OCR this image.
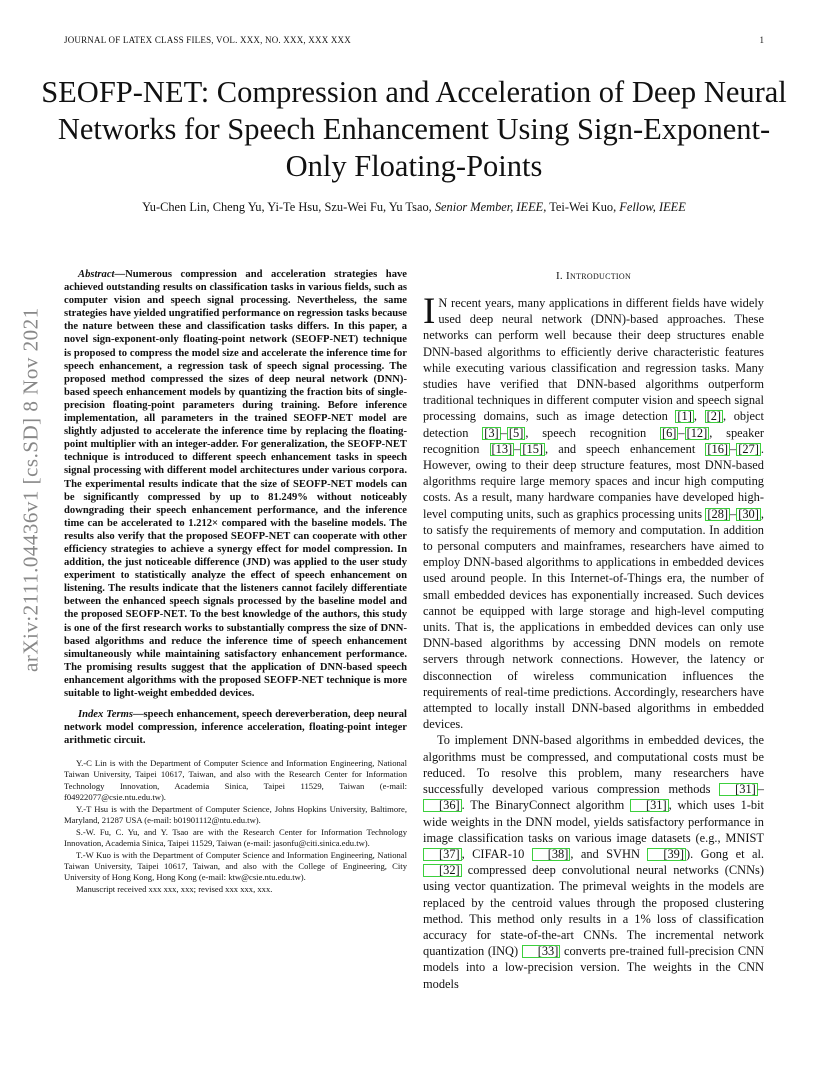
JOURNAL OF LATEX CLASS FILES, VOL. XXX, NO. XXX, XXX XXX	1
arXiv:2111.04436v1 [cs.SD] 8 Nov 2021
SEOFP-NET: Compression and Acceleration of Deep Neural Networks for Speech Enhancement Using Sign-Exponent-Only Floating-Points
Yu-Chen Lin, Cheng Yu, Yi-Te Hsu, Szu-Wei Fu, Yu Tsao, Senior Member, IEEE, Tei-Wei Kuo, Fellow, IEEE

Abstract—Numerous compression and acceleration strategies have achieved outstanding results on classification tasks in various fields, such as computer vision and speech signal processing. Nevertheless, the same strategies have yielded ungratified performance on regression tasks because the nature between these and classification tasks differs. In this paper, a novel sign-exponent-only floating-point network (SEOFP-NET) technique is proposed to compress the model size and accelerate the inference time for speech enhancement, a regression task of speech signal processing. The proposed method compressed the sizes of deep neural network (DNN)-based speech enhancement models by quantizing the fraction bits of single-precision floating-point parameters during training. Before inference implementation, all parameters in the trained SEOFP-NET model are slightly adjusted to accelerate the inference time by replacing the floating-point multiplier with an integer-adder. For generalization, the SEOFP-NET technique is introduced to different speech enhancement tasks in speech signal processing with different model architectures under various corpora. The experimental results indicate that the size of SEOFP-NET models can be significantly compressed by up to 81.249% without noticeably downgrading their speech enhancement performance, and the inference time can be accelerated to 1.212× compared with the baseline models. The results also verify that the proposed SEOFP-NET can cooperate with other efficiency strategies to achieve a synergy effect for model compression. In addition, the just noticeable difference (JND) was applied to the user study experiment to statistically analyze the effect of speech enhancement on listening. The results indicate that the listeners cannot facilely differentiate between the enhanced speech signals processed by the baseline model and the proposed SEOFP-NET. To the best knowledge of the authors, this study is one of the first research works to substantially compress the size of DNN-based algorithms and reduce the inference time of speech enhancement simultaneously while maintaining satisfactory enhancement performance. The promising results suggest that the application of DNN-based speech enhancement algorithms with the proposed SEOFP-NET technique is more suitable to light-weight embedded devices.

Index Terms—speech enhancement, speech dereverberation, deep neural network model compression, inference acceleration, floating-point integer arithmetic circuit.

Y.-C Lin is with the Department of Computer Science and Information Engineering, National Taiwan University, Taipei 10617, Taiwan, and also with the Research Center for Information Technology Innovation, Academia Sinica, Taipei 11529, Taiwan (e-mail: f04922077@csie.ntu.edu.tw).

Y.-T Hsu is with the Department of Computer Science, Johns Hopkins University, Baltimore, Maryland, 21287 USA (e-mail: b01901112@ntu.edu.tw).

S.-W. Fu, C. Yu, and Y. Tsao are with the Research Center for Information Technology Innovation, Academia Sinica, Taipei 11529, Taiwan (e-mail: jasonfu@citi.sinica.edu.tw).

T.-W Kuo is with the Department of Computer Science and Information Engineering, National Taiwan University, Taipei 10617, Taiwan, and also with the College of Engineering, City University of Hong Kong, Hong Kong (e-mail: ktw@csie.ntu.edu.tw).

Manuscript received xxx xxx, xxx; revised xxx xxx, xxx.

I. Introduction

I N recent years, many applications in different fields have widely used deep neural network (DNN)-based approaches. These networks can perform well because their deep structures enable DNN-based algorithms to efficiently derive characteristic features while executing various classification and regression tasks. Many studies have verified that DNN-based algorithms outperform traditional techniques in different computer vision and speech signal processing domains, such as image detection [1] , [2] , object detection [3] – [5] , speech recognition [6] – [12] , speaker recognition [13] – [15] , and speech enhancement [16] – [27] . However, owing to their deep structure features, most DNN-based algorithms require large memory spaces and incur high computing costs. As a result, many hardware companies have developed high-level computing units, such as graphics processing units [28] – [30] , to satisfy the requirements of memory and computation. In addition to personal computers and mainframes, researchers have aimed to employ DNN-based algorithms to applications in embedded devices used around people. In this Internet-of-Things era, the number of small embedded devices has exponentially increased. Such devices cannot be equipped with large storage and high-level computing units. That is, the applications in embedded devices can only use DNN-based algorithms by accessing DNN models on remote servers through network connections. However, the latency or disconnection of wireless communication influences the requirements of real-time predictions. Accordingly, researchers have attempted to locally install DNN-based algorithms in embedded devices.

To implement DNN-based algorithms in embedded devices, the algorithms must be compressed, and computational costs must be reduced. To resolve this problem, many researchers have successfully developed various compression methods [31] –[36] . The BinaryConnect algorithm [31] , which uses 1-bit wide weights in the DNN model, yields satisfactory performance in image classification tasks on various image datasets (e.g., MNIST [37] , CIFAR-10 [38] , and SVHN [39] ). Gong et al. [32] compressed deep convolutional neural networks (CNNs) using vector quantization. The primeval weights in the models are replaced by the centroid values through the proposed clustering method. This method only results in a 1% loss of classification accuracy for state-of-the-art CNNs. The incremental network quantization (INQ) [33] converts pre-trained full-precision CNN models into a low-precision version. The weights in the CNN models
